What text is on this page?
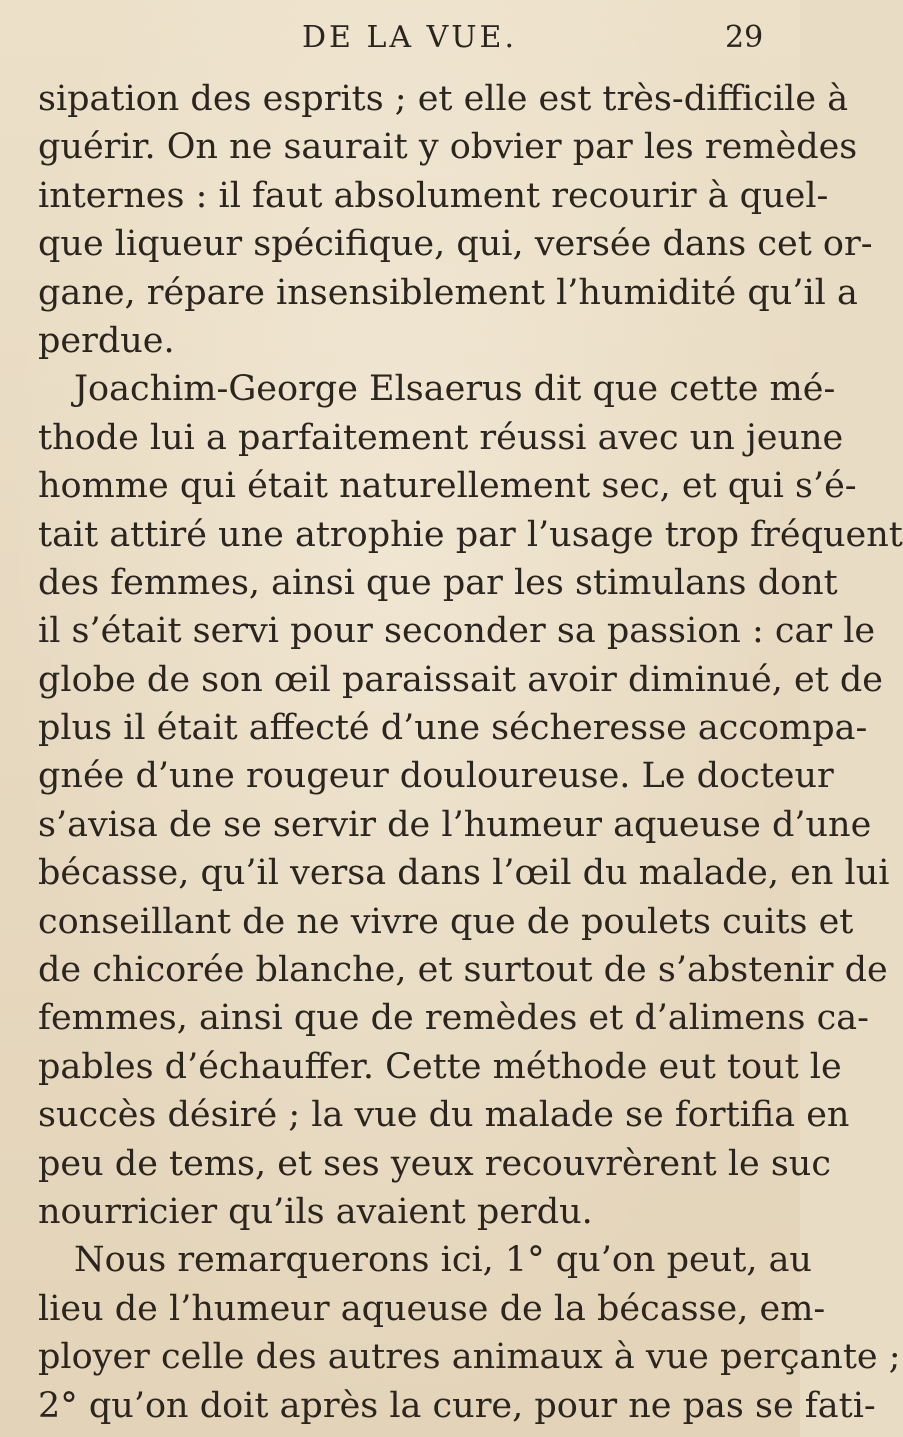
DE LA VUE.	29
sipation des esprits ; et elle est très-difficile à
guérir. On ne saurait y obvier par les remèdes
internes : il faut absolument recourir à quel-
que liqueur spécifique, qui, versée dans cet or-
gane, répare insensiblement l’humidité qu’il a
perdue.
Joachim-George Elsaerus dit que cette mé-
thode lui a parfaitement réussi avec un jeune
homme qui était naturellement sec, et qui s’é-
tait attiré une atrophie par l’usage trop fréquent
des femmes, ainsi que par les stimulans dont
il s’était servi pour seconder sa passion : car le
globe de son œil paraissait avoir diminué, et de
plus il était affecté d’une sécheresse accompa-
gnée d’une rougeur douloureuse. Le docteur
s’avisa de se servir de l’humeur aqueuse d’une
bécasse, qu’il versa dans l’œil du malade, en lui
conseillant de ne vivre que de poulets cuits et
de chicorée blanche, et surtout de s’abstenir de
femmes, ainsi que de remèdes et d’alimens ca-
pables d’échauffer. Cette méthode eut tout le
succès désiré ; la vue du malade se fortifia en
peu de tems, et ses yeux recouvrèrent le suc
nourricier qu’ils avaient perdu.
Nous remarquerons ici, 1° qu’on peut, au
lieu de l’humeur aqueuse de la bécasse, em-
ployer celle des autres animaux à vue perçante ;
2° qu’on doit après la cure, pour ne pas se fati-
